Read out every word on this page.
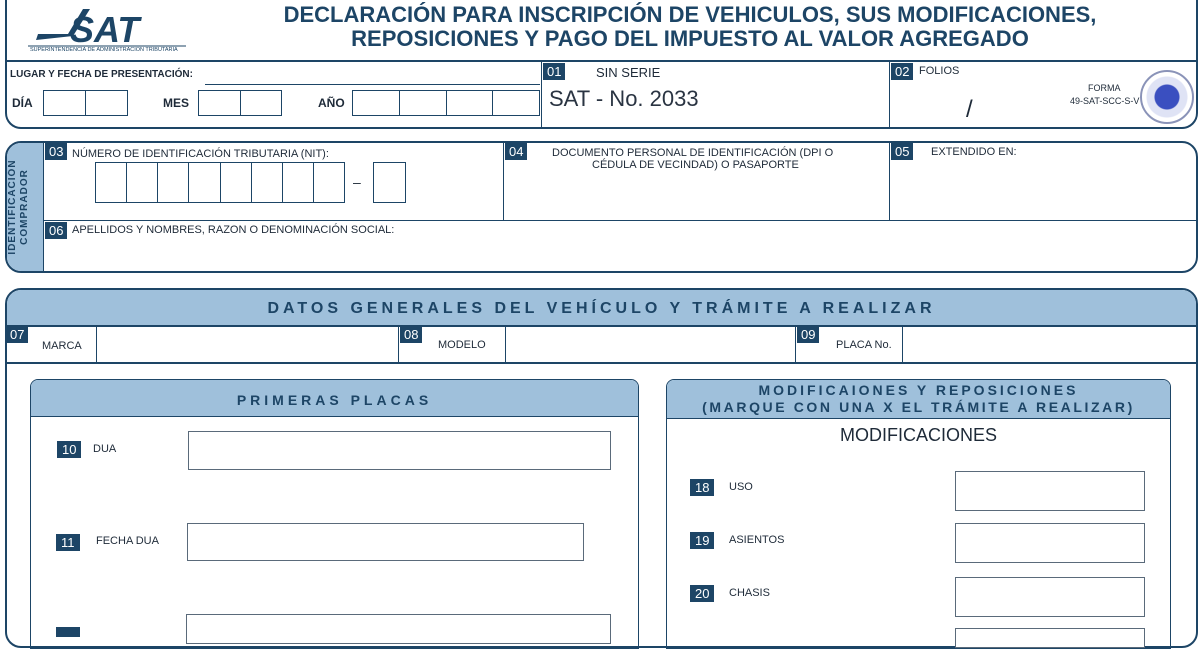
SAT
SUPERINTENDENCIA DE ADMINISTRACION TRIBUTARIA
DECLARACIÓN PARA INSCRIPCIÓN DE VEHICULOS, SUS MODIFICACIONES,
REPOSICIONES Y PAGO DEL IMPUESTO AL VALOR AGREGADO
LUGAR Y FECHA DE PRESENTACIÓN:
DÍA	MES	AÑO
01	SIN SERIE
SAT - No. 2033
02 FOLIOS
/
FORMA
49-SAT-SCC-S-V
IDENTIFICACIÓN COMPRADOR
03 NÚMERO DE IDENTIFICACIÓN TRIBUTARIA (NIT):
–
04	DOCUMENTO PERSONAL DE IDENTIFICACIÓN (DPI O
CÉDULA DE VECINDAD) O PASAPORTE
05	EXTENDIDO EN:
06 APELLIDOS Y NOMBRES, RAZON O DENOMINACIÓN SOCIAL:
DATOS GENERALES DEL VEHÍCULO Y TRÁMITE A REALIZAR
07
MARCA
08
MODELO
09
PLACA No.
PRIMERAS PLACAS
10	DUA
11	FECHA DUA
MODIFICAIONES Y REPOSICIONES
(MARQUE CON UNA X EL TRÁMITE A REALIZAR)
MODIFICACIONES
18	USO
19	ASIENTOS
20	CHASIS
